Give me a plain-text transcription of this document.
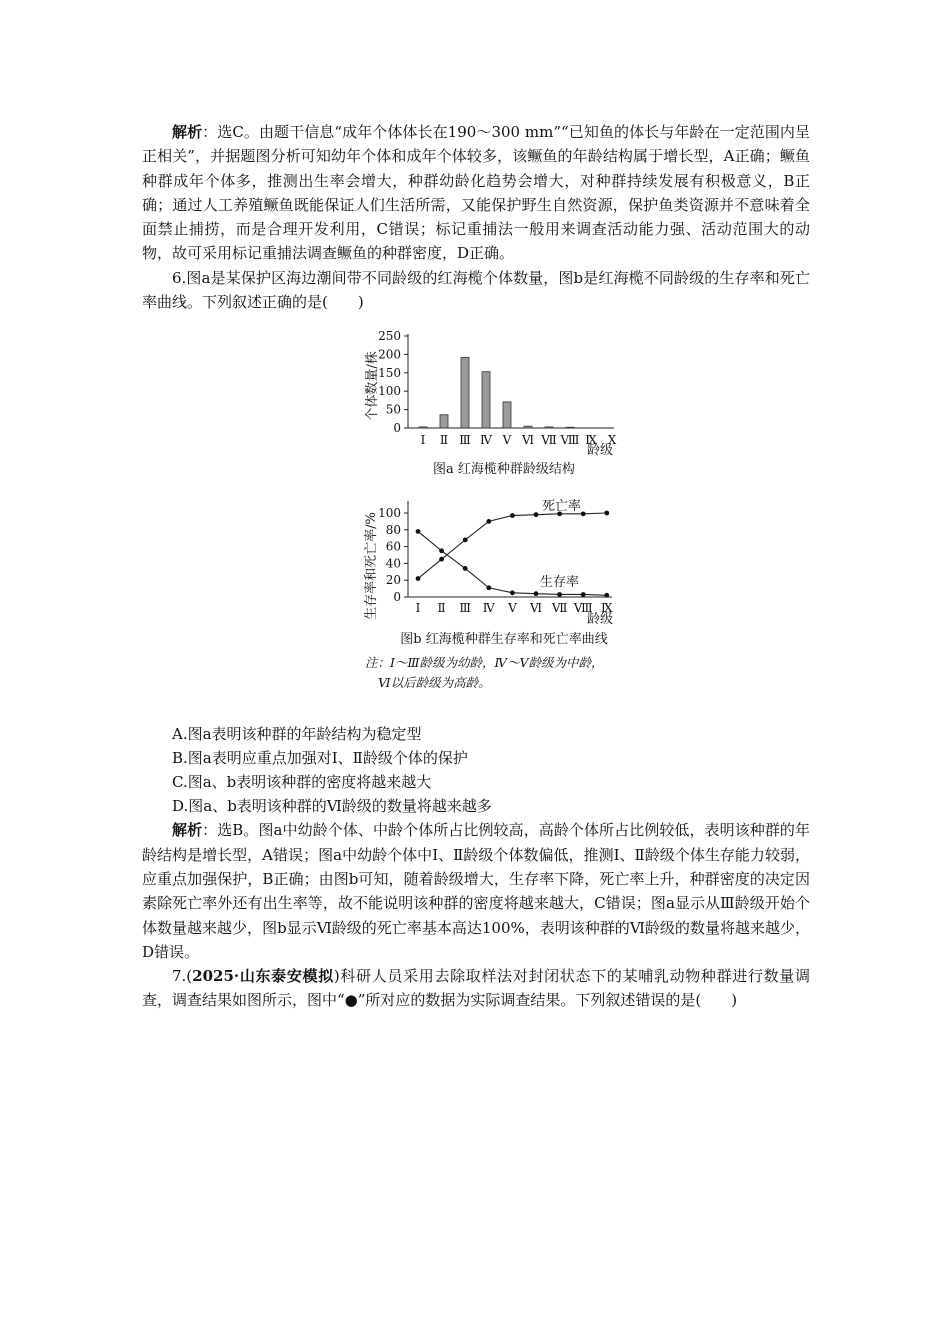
解析：选C。由题干信息“成年个体体长在190～300 mm”“已知鱼的体长与年龄在一定范围内呈正相关”，并据题图分析可知幼年个体和成年个体较多，该鳜鱼的年龄结构属于增长型，A正确；鳜鱼种群成年个体多，推测出生率会增大，种群幼龄化趋势会增大，对种群持续发展有积极意义，B正确；通过人工养殖鳜鱼既能保证人们生活所需，又能保护野生自然资源，保护鱼类资源并不意味着全面禁止捕捞，而是合理开发利用，C错误；标记重捕法一般用来调查活动能力强、活动范围大的动物，故可采用标记重捕法调查鳜鱼的种群密度，D正确。

6.图a是某保护区海边潮间带不同龄级的红海榄个体数量，图b是红海榄不同龄级的生存率和死亡率曲线。下列叙述正确的是(　　)

个体数量/株
0
50
100
150
200
250
Ⅰ Ⅱ Ⅲ Ⅳ Ⅴ Ⅵ Ⅶ Ⅷ Ⅸ Ⅹ
龄级
图a 红海榄种群龄级结构
生存率和死亡率/% 0
20
40
60
80
100
Ⅰ Ⅱ Ⅲ Ⅳ Ⅴ Ⅵ Ⅶ Ⅷ Ⅸ
死亡率
生存率
龄级
图b 红海榄种群生存率和死亡率曲线
注：Ⅰ～Ⅲ龄级为幼龄，Ⅳ～Ⅴ龄级为中龄，
Ⅵ以后龄级为高龄。

A.图a表明该种群的年龄结构为稳定型

B.图a表明应重点加强对Ⅰ、Ⅱ龄级个体的保护

C.图a、b表明该种群的密度将越来越大

D.图a、b表明该种群的Ⅵ龄级的数量将越来越多

解析：选B。图a中幼龄个体、中龄个体所占比例较高，高龄个体所占比例较低，表明该种群的年龄结构是增长型，A错误；图a中幼龄个体中Ⅰ、Ⅱ龄级个体数偏低，推测Ⅰ、Ⅱ龄级个体生存能力较弱，应重点加强保护，B正确；由图b可知，随着龄级增大，生存率下降，死亡率上升，种群密度的决定因素除死亡率外还有出生率等，故不能说明该种群的密度将越来越大，C错误；图a显示从Ⅲ龄级开始个体数量越来越少，图b显示Ⅵ龄级的死亡率基本高达100%，表明该种群的Ⅵ龄级的数量将越来越少，D错误。

7.(2025·山东泰安模拟)科研人员采用去除取样法对封闭状态下的某哺乳动物种群进行数量调查，调查结果如图所示，图中“●”所对应的数据为实际调查结果。下列叙述错误的是(　　)
